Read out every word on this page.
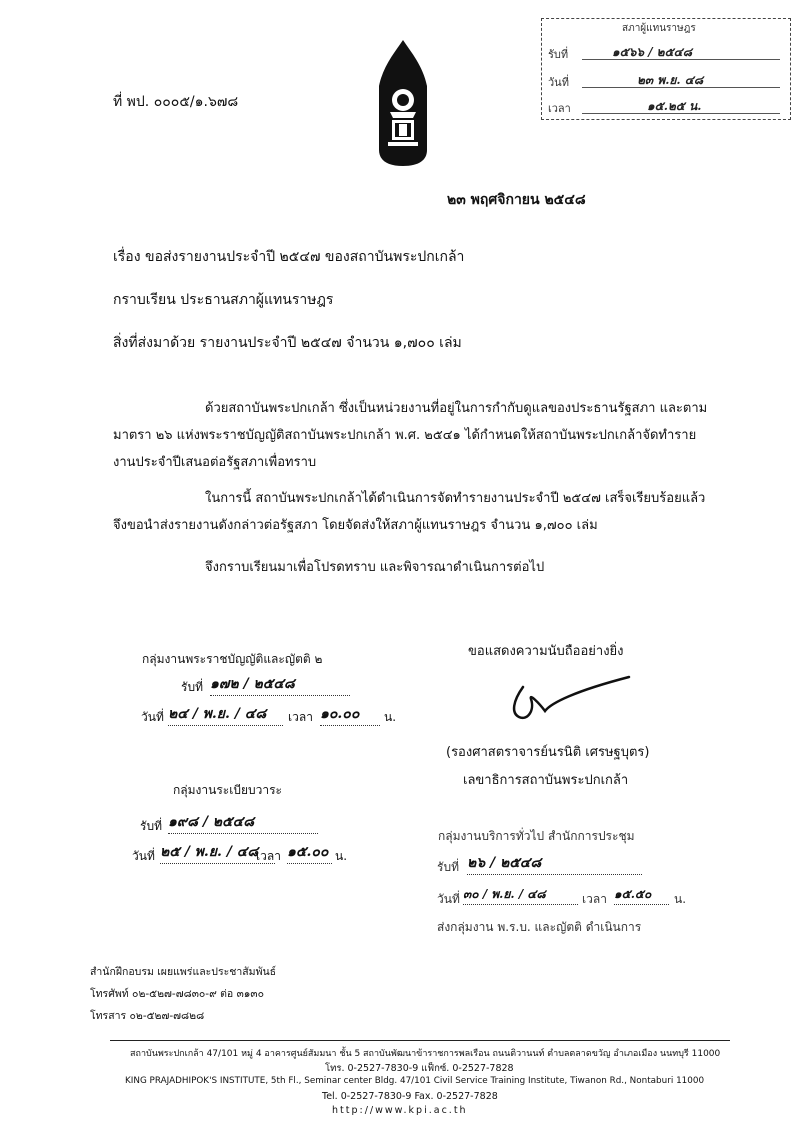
ที่ พป. ๐๐๐๕/๑.๖๗๘
สภาผู้แทนราษฎร
รับที่	๑๕๖๖ / ๒๕๔๘
วันที่	๒๓ พ.ย. ๔๘
เวลา	๑๕.๒๕ น.
๒๓ พฤศจิกายน ๒๕๔๘
เรื่อง ขอส่งรายงานประจำปี ๒๕๔๗ ของสถาบันพระปกเกล้า
กราบเรียน ประธานสภาผู้แทนราษฎร
สิ่งที่ส่งมาด้วย รายงานประจำปี ๒๕๔๗ จำนวน ๑,๗๐๐ เล่ม
ด้วยสถาบันพระปกเกล้า ซึ่งเป็นหน่วยงานที่อยู่ในการกำกับดูแลของประธานรัฐสภา และตาม
มาตรา ๒๖ แห่งพระราชบัญญัติสถาบันพระปกเกล้า พ.ศ. ๒๕๔๑ ได้กำหนดให้สถาบันพระปกเกล้าจัดทำราย
งานประจำปีเสนอต่อรัฐสภาเพื่อทราบ
ในการนี้ สถาบันพระปกเกล้าได้ดำเนินการจัดทำรายงานประจำปี ๒๕๔๗ เสร็จเรียบร้อยแล้ว
จึงขอนำส่งรายงานดังกล่าวต่อรัฐสภา โดยจัดส่งให้สภาผู้แทนราษฎร จำนวน ๑,๗๐๐ เล่ม
จึงกราบเรียนมาเพื่อโปรดทราบ และพิจารณาดำเนินการต่อไป
ขอแสดงความนับถืออย่างยิ่ง
(รองศาสตราจารย์นรนิติ เศรษฐบุตร)
เลขาธิการสถาบันพระปกเกล้า
กลุ่มงานพระราชบัญญัติและญัตติ ๒
รับที่ ๑๗๒ / ๒๕๔๘
วันที่ ๒๔ / พ.ย. / ๔๘	เวลา ๑๐.๐๐	น.
กลุ่มงานระเบียบวาระ
รับที่ ๑๙๘ / ๒๕๔๘
วันที่ ๒๕ / พ.ย. / ๔๘
เวลา ๑๕.๐๐ น.
กลุ่มงานบริการทั่วไป สำนักการประชุม
รับที่ ๒๖ / ๒๕๔๘
วันที่ ๓๐ / พ.ย. / ๔๘	เวลา ๑๕.๕๐	น.
ส่งกลุ่มงาน พ.ร.บ. และญัตติ ดำเนินการ
สำนักฝึกอบรม เผยแพร่และประชาสัมพันธ์
โทรศัพท์ ๐๒-๕๒๗-๗๘๓๐-๙ ต่อ ๓๑๓๐
โทรสาร ๐๒-๕๒๗-๗๘๒๘
สถาบันพระปกเกล้า 47/101 หมู่ 4 อาคารศูนย์สัมมนา ชั้น 5 สถาบันพัฒนาข้าราชการพลเรือน ถนนติวานนท์ ตำบลตลาดขวัญ อำเภอเมือง นนทบุรี 11000
โทร. 0-2527-7830-9 แฟ็กซ์. 0-2527-7828
KING PRAJADHIPOK'S INSTITUTE, 5th Fl., Seminar center Bldg. 47/101 Civil Service Training Institute, Tiwanon Rd., Nontaburi 11000
Tel. 0-2527-7830-9 Fax. 0-2527-7828
http://www.kpi.ac.th
